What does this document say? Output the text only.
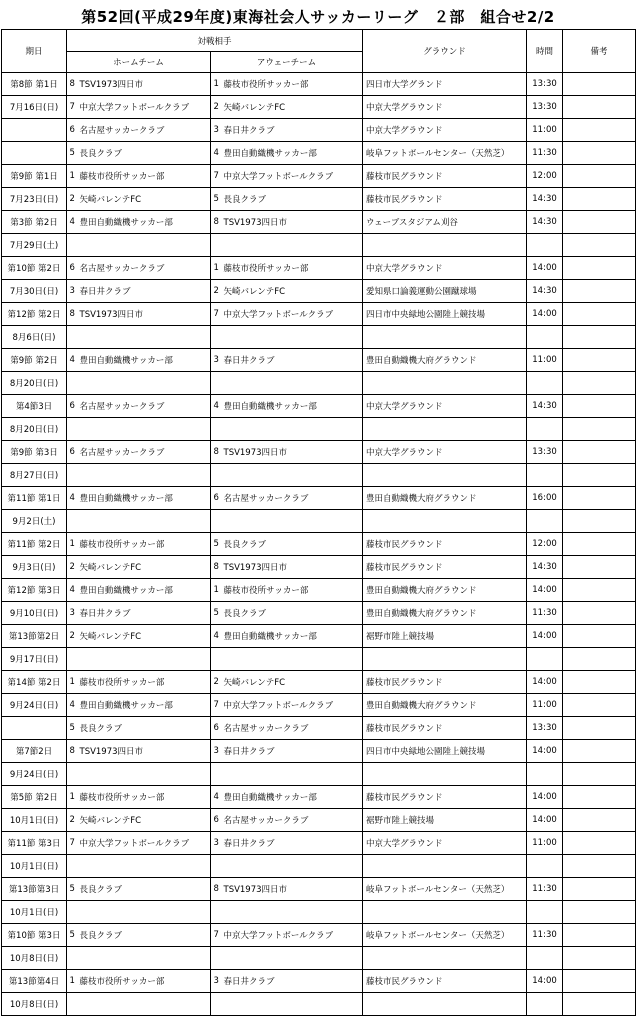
第52回(平成29年度)東海社会人サッカーリーグ　２部　組合せ2/2
期日	対戦相手				グラウンド	時間	備考
	ホームチーム		アウェーチーム				
第8節 第1日	8	TSV1973四日市	1	藤枝市役所サッカー部	四日市大学グランド	13:30	
7月16日(日)	7	中京大学フットボールクラブ	2	矢崎バレンテFC	中京大学グラウンド	13:30	
	6	名古屋サッカークラブ	3	春日井クラブ	中京大学グラウンド	11:00	
	5	長良クラブ	4	豊田自動織機サッカー部	岐阜フットボールセンター（天然芝）	11:30	
第9節 第1日	1	藤枝市役所サッカー部	7	中京大学フットボールクラブ	藤枝市民グラウンド	12:00	
7月23日(日)	2	矢崎バレンテFC	5	長良クラブ	藤枝市民グラウンド	14:30	
第3節 第2日	4	豊田自動織機サッカー部	8	TSV1973四日市	ウェーブスタジアム刈谷	14:30	
7月29日(土)							
第10節 第2日	6	名古屋サッカークラブ	1	藤枝市役所サッカー部	中京大学グラウンド	14:00	
7月30日(日)	3	春日井クラブ	2	矢崎バレンテFC	愛知県口論義運動公園蹴球場	14:30	
第12節 第2日	8	TSV1973四日市	7	中京大学フットボールクラブ	四日市中央緑地公園陸上競技場	14:00	
8月6日(日)							
第9節 第2日	4	豊田自動織機サッカー部	3	春日井クラブ	豊田自動織機大府グラウンド	11:00	
8月20日(日)							
第4節3日	6	名古屋サッカークラブ	4	豊田自動織機サッカー部	中京大学グラウンド	14:30	
8月20日(日)							
第9節 第3日	6	名古屋サッカークラブ	8	TSV1973四日市	中京大学グラウンド	13:30	
8月27日(日)							
第11節 第1日	4	豊田自動織機サッカー部	6	名古屋サッカークラブ	豊田自動織機大府グラウンド	16:00	
9月2日(土)							
第11節 第2日	1	藤枝市役所サッカー部	5	長良クラブ	藤枝市民グラウンド	12:00	
9月3日(日)	2	矢崎バレンテFC	8	TSV1973四日市	藤枝市民グラウンド	14:30	
第12節 第3日	4	豊田自動織機サッカー部	1	藤枝市役所サッカー部	豊田自動織機大府グラウンド	14:00	
9月10日(日)	3	春日井クラブ	5	長良クラブ	豊田自動織機大府グラウンド	11:30	
第13節第2日	2	矢崎バレンテFC	4	豊田自動織機サッカー部	裾野市陸上競技場	14:00	
9月17日(日)							
第14節 第2日	1	藤枝市役所サッカー部	2	矢崎バレンテFC	藤枝市民グラウンド	14:00	
9月24日(日)	4	豊田自動織機サッカー部	7	中京大学フットボールクラブ	豊田自動織機大府グラウンド	11:00	
	5	長良クラブ	6	名古屋サッカークラブ	藤枝市民グラウンド	13:30	
第7節2日	8	TSV1973四日市	3	春日井クラブ	四日市中央緑地公園陸上競技場	14:00	
9月24日(日)							
第5節 第2日	1	藤枝市役所サッカー部	4	豊田自動織機サッカー部	藤枝市民グラウンド	14:00	
10月1日(日)	2	矢崎バレンテFC	6	名古屋サッカークラブ	裾野市陸上競技場	14:00	
第11節 第3日	7	中京大学フットボールクラブ	3	春日井クラブ	中京大学グラウンド	11:00	
10月1日(日)							
第13節第3日	5	長良クラブ	8	TSV1973四日市	岐阜フットボールセンター（天然芝）	11:30	
10月1日(日)							
第10節 第3日	5	長良クラブ	7	中京大学フットボールクラブ	岐阜フットボールセンター（天然芝）	11:30	
10月8日(日)							
第13節第4日	1	藤枝市役所サッカー部	3	春日井クラブ	藤枝市民グラウンド	14:00	
10月8日(日)							
